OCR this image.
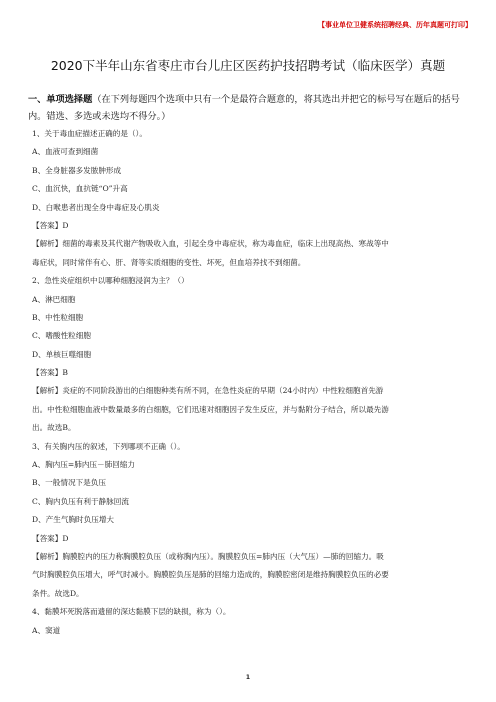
【事业单位卫健系统招聘经典、历年真题可打印】
2020下半年山东省枣庄市台儿庄区医药护技招聘考试（临床医学）真题
一、单项选择题（在下列每题四个选项中只有一个是最符合题意的，将其选出并把它的标号写在题后的括号内。错选、多选或未选均不得分。）
1、关于毒血症描述正确的是（）。
A、血液可查到细菌
B、全身脏器多发脓肿形成
C、血沉快，血抗链“O”升高
D、白喉患者出现全身中毒症及心肌炎
【答案】D
【解析】细菌的毒素及其代谢产物吸收入血，引起全身中毒症状，称为毒血症，临床上出现高热、寒战等中
毒症状，同时常伴有心、肝、肾等实质细胞的变性、坏死，但血培养找不到细菌。
2、急性炎症组织中以哪种细胞浸润为主？（）
A、淋巴细胞
B、中性粒细胞
C、嗜酸性粒细胞
D、单核巨噬细胞
【答案】B
【解析】炎症的不同阶段游出的白细胞种类有所不同，在急性炎症的早期（24小时内）中性粒细胞首先游
出。中性粒细胞血液中数量最多的白细胞，它们迅速对细胞因子发生反应，并与黏附分子结合，所以最先游
出。故选B。
3、有关胸内压的叙述，下列哪项不正确（）。
A、胸内压=肺内压－肺回缩力
B、一般情况下是负压
C、胸内负压有利于静脉回流
D、产生气胸时负压增大
【答案】D
【解析】胸膜腔内的压力称胸膜腔负压（或称胸内压）。胸膜腔负压=肺内压（大气压）—肺的回缩力。吸
气时胸膜腔负压增大，呼气时减小。胸膜腔负压是肺的回缩力造成的，胸膜腔密闭是维持胸膜腔负压的必要
条件。故选D。
4、黏膜坏死脱落而遗留的深达黏膜下层的缺损，称为（）。
A、窦道
1
